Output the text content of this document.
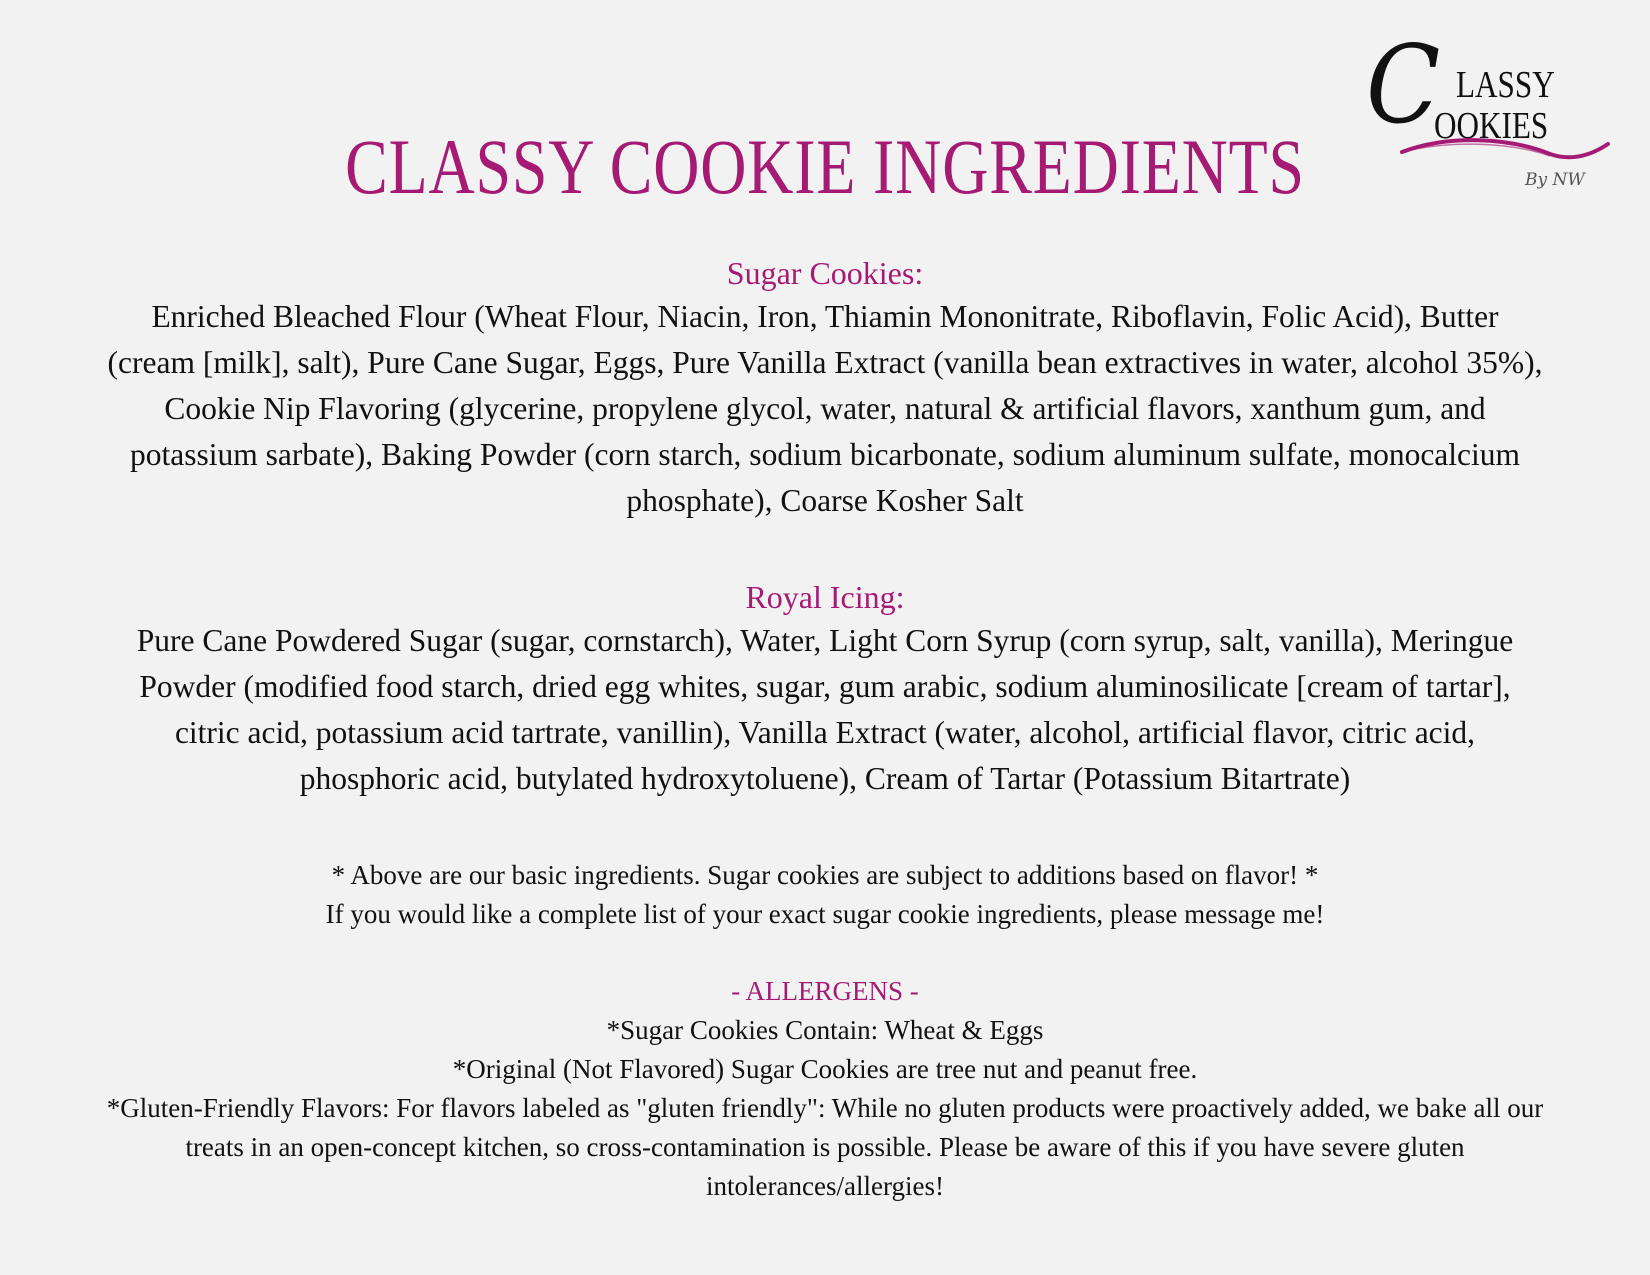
C LASSY
OOKIES
By NW
CLASSY COOKIE INGREDIENTS
Sugar Cookies:

Enriched Bleached Flour (Wheat Flour, Niacin, Iron, Thiamin Mononitrate, Riboflavin, Folic Acid), Butter (cream [milk], salt), Pure Cane Sugar, Eggs, Pure Vanilla Extract (vanilla bean extractives in water, alcohol 35%), Cookie Nip Flavoring (glycerine, propylene glycol, water, natural & artificial flavors, xanthum gum, and potassium sarbate), Baking Powder (corn starch, sodium bicarbonate, sodium aluminum sulfate, monocalcium phosphate), Coarse Kosher Salt

Royal Icing:

Pure Cane Powdered Sugar (sugar, cornstarch), Water, Light Corn Syrup (corn syrup, salt, vanilla), Meringue Powder (modified food starch, dried egg whites, sugar, gum arabic, sodium aluminosilicate [cream of tartar], citric acid, potassium acid tartrate, vanillin), Vanilla Extract (water, alcohol, artificial flavor, citric acid, phosphoric acid, butylated hydroxytoluene), Cream of Tartar (Potassium Bitartrate)

* Above are our basic ingredients. Sugar cookies are subject to additions based on flavor! *

If you would like a complete list of your exact sugar cookie ingredients, please message me!

- ALLERGENS -

*Sugar Cookies Contain: Wheat & Eggs

*Original (Not Flavored) Sugar Cookies are tree nut and peanut free.

*Gluten-Friendly Flavors: For flavors labeled as "gluten friendly": While no gluten products were proactively added, we bake all our treats in an open-concept kitchen, so cross-contamination is possible. Please be aware of this if you have severe gluten intolerances/allergies!
